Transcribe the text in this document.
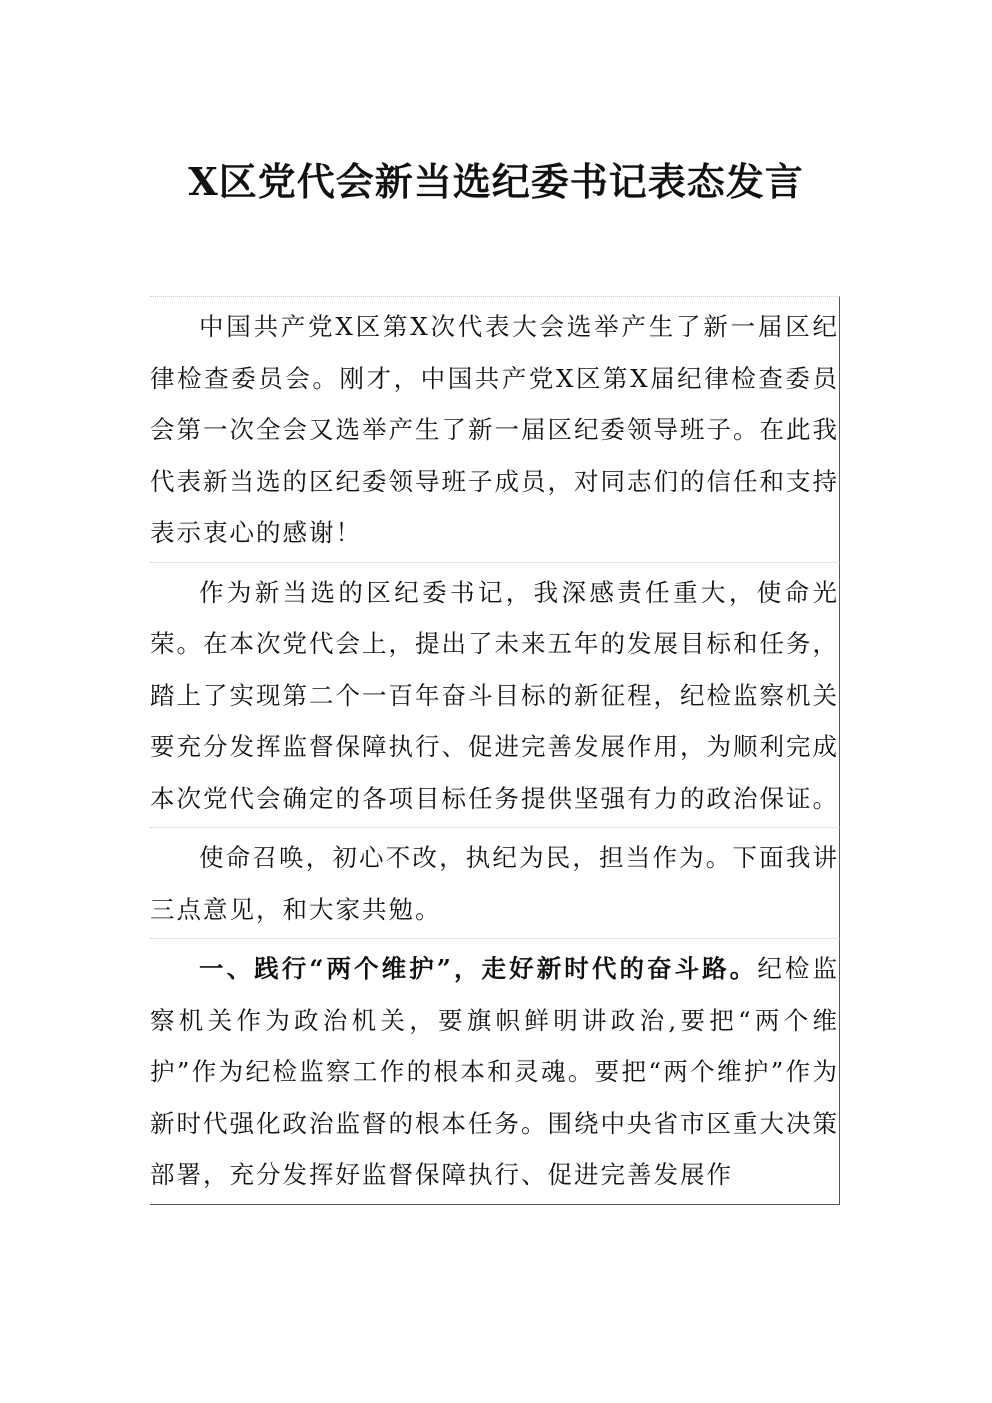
X区党代会新当选纪委书记表态发言

中国共产党X区第X次代表大会选举产生了新一届区纪律检查委员会。刚才，中国共产党X区第X届纪律检查委员会第一次全会又选举产生了新一届区纪委领导班子。在此我代表新当选的区纪委领导班子成员，对同志们的信任和支持表示衷心的感谢！

作为新当选的区纪委书记，我深感责任重大，使命光荣。在本次党代会上，提出了未来五年的发展目标和任务，踏上了实现第二个一百年奋斗目标的新征程，纪检监察机关要充分发挥监督保障执行、促进完善发展作用，为顺利完成本次党代会确定的各项目标任务提供坚强有力的政治保证。

使命召唤，初心不改，执纪为民，担当作为。下面我讲三点意见，和大家共勉。

一、践行“两个维护”，走好新时代的奋斗路。纪检监察机关作为政治机关，要旗帜鲜明讲政治,要把“两个维护”作为纪检监察工作的根本和灵魂。要把“两个维护”作为新时代强化政治监督的根本任务。围绕中央省市区重大决策部署，充分发挥好监督保障执行、促进完善发展作
